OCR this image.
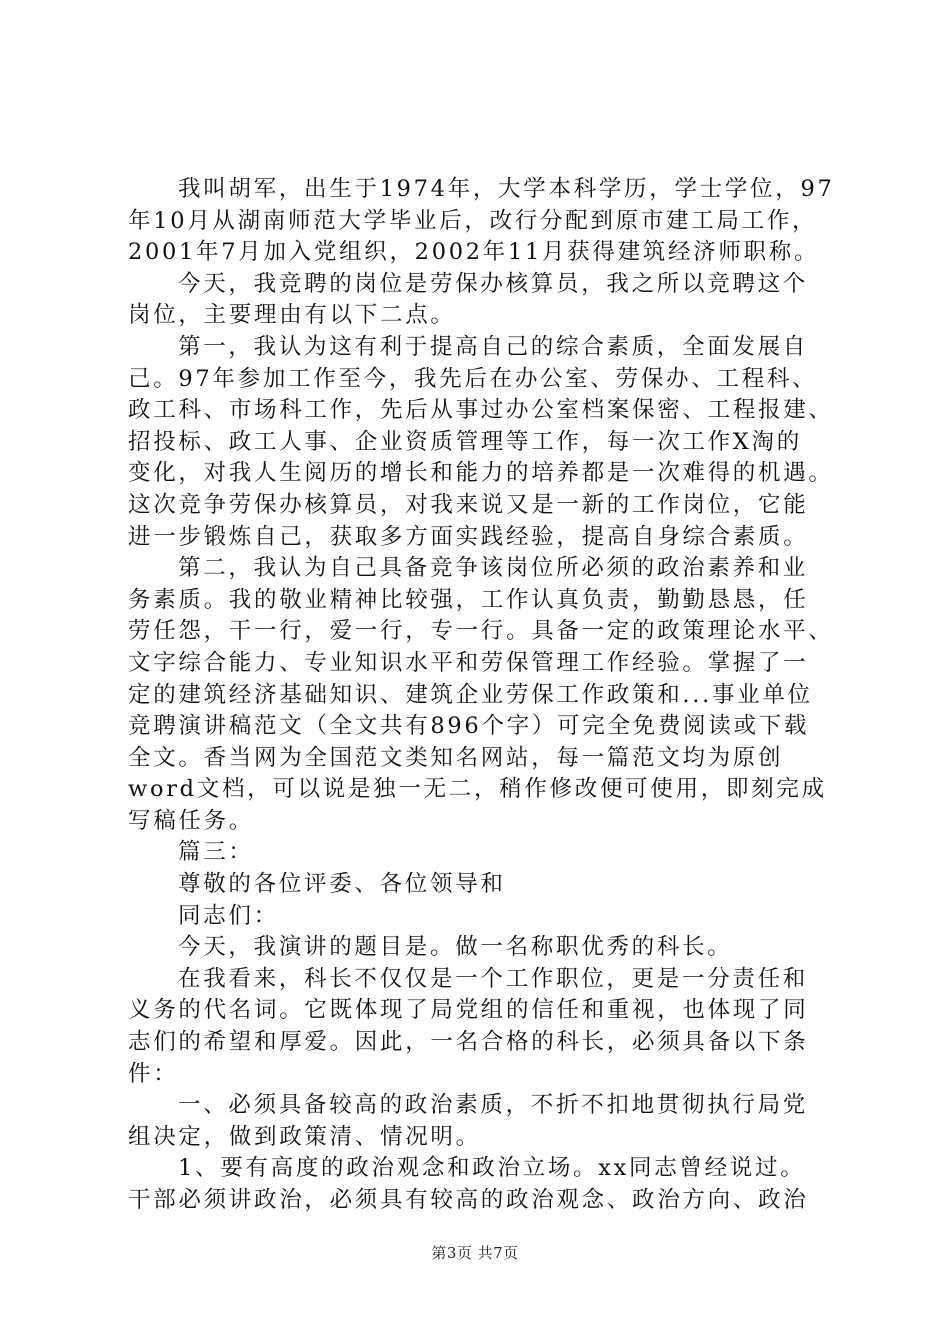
我叫胡军，出生于1974年，大学本科学历，学士学位，97
年10月从湖南师范大学毕业后，改行分配到原市建工局工作，
2001年7月加入党组织，2002年11月获得建筑经济师职称。
今天，我竞聘的岗位是劳保办核算员，我之所以竞聘这个
岗位，主要理由有以下二点。
第一，我认为这有利于提高自己的综合素质，全面发展自
己。97年参加工作至今，我先后在办公室、劳保办、工程科、
政工科、市场科工作，先后从事过办公室档案保密、工程报建、
招投标、政工人事、企业资质管理等工作，每一次工作X淘的
变化，对我人生阅历的增长和能力的培养都是一次难得的机遇。
这次竞争劳保办核算员，对我来说又是一新的工作岗位，它能
进一步锻炼自己，获取多方面实践经验，提高自身综合素质。
第二，我认为自己具备竞争该岗位所必须的政治素养和业
务素质。我的敬业精神比较强，工作认真负责，勤勤恳恳，任
劳任怨，干一行，爱一行，专一行。具备一定的政策理论水平、
文字综合能力、专业知识水平和劳保管理工作经验。掌握了一
定的建筑经济基础知识、建筑企业劳保工作政策和...事业单位
竞聘演讲稿范文（全文共有896个字）可完全免费阅读或下载
全文。香当网为全国范文类知名网站，每一篇范文均为原创
word文档，可以说是独一无二，稍作修改便可使用，即刻完成
写稿任务。
篇三：
尊敬的各位评委、各位领导和
同志们：
今天，我演讲的题目是。做一名称职优秀的科长。
在我看来，科长不仅仅是一个工作职位，更是一分责任和
义务的代名词。它既体现了局党组的信任和重视，也体现了同
志们的希望和厚爱。因此，一名合格的科长，必须具备以下条
件：
一、必须具备较高的政治素质，不折不扣地贯彻执行局党
组决定，做到政策清、情况明。
1、要有高度的政治观念和政治立场。xx同志曾经说过。
干部必须讲政治，必须具有较高的政治观念、政治方向、政治
第3页 共7页
